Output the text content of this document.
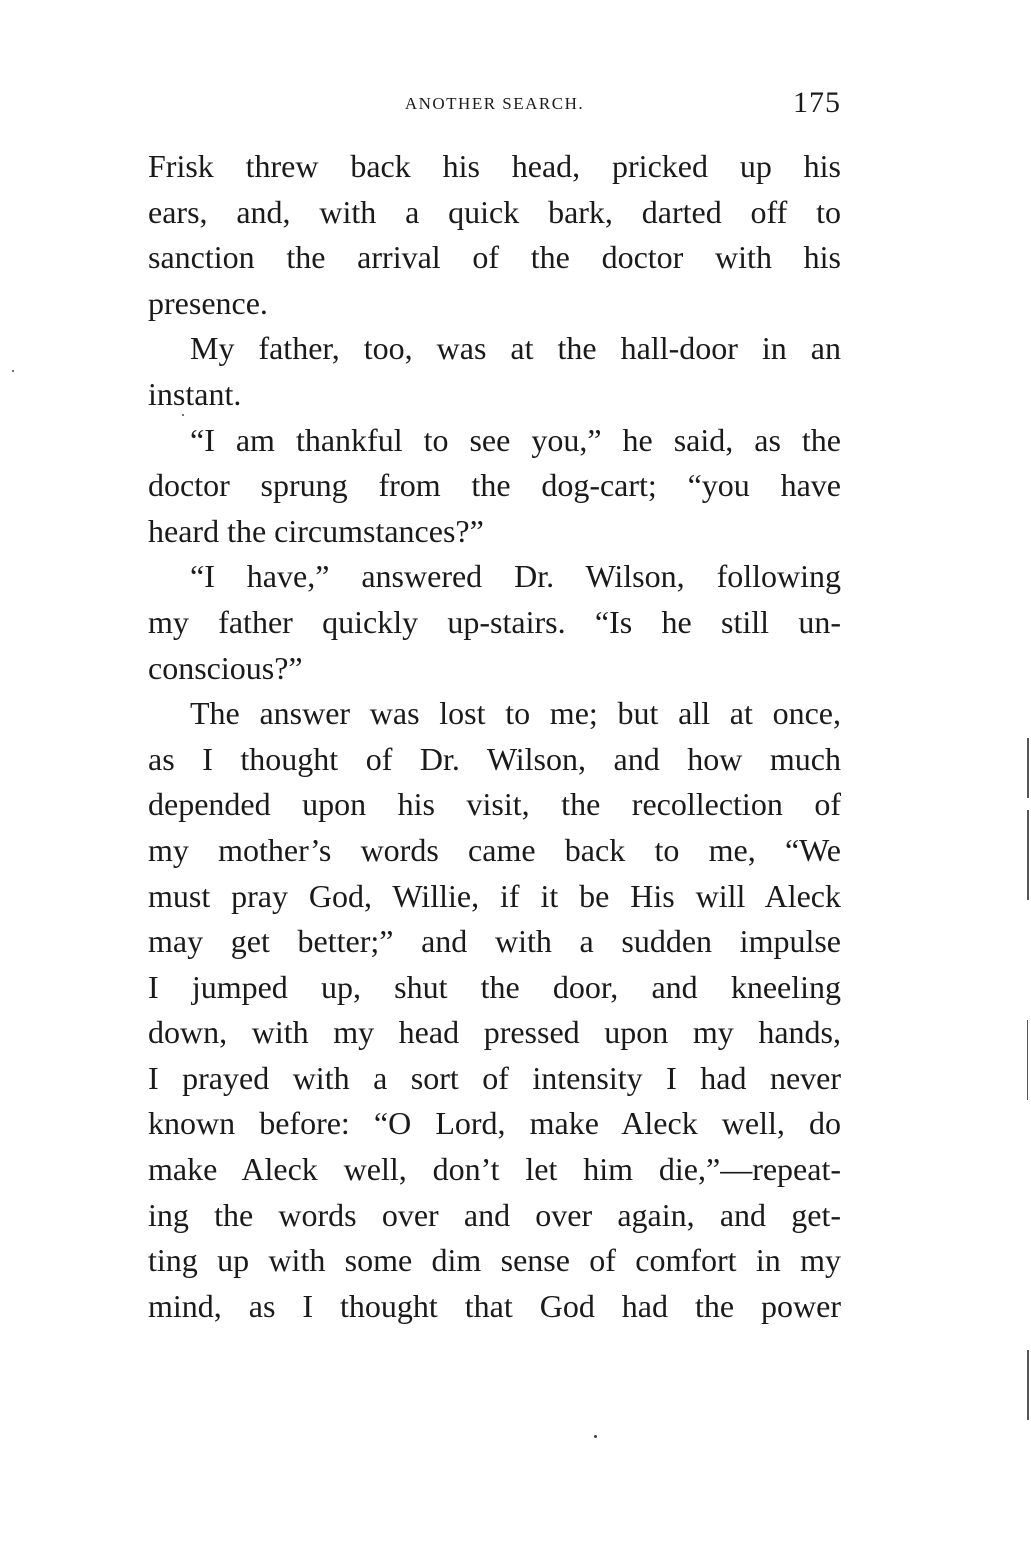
ANOTHER SEARCH.	175
Frisk threw back his head, pricked up his
ears, and, with a quick bark, darted off to
sanction the arrival of the doctor with his
presence.
My father, too, was at the hall-door in an
instant.
“I am thankful to see you,” he said, as the
doctor sprung from the dog-cart; “you have
heard the circumstances?”
“I have,” answered Dr. Wilson, following
my father quickly up-stairs. “Is he still un-
conscious?”
The answer was lost to me; but all at once,
as I thought of Dr. Wilson, and how much
depended upon his visit, the recollection of
my mother’s words came back to me, “We
must pray God, Willie, if it be His will Aleck
may get better;” and with a sudden impulse
I jumped up, shut the door, and kneeling
down, with my head pressed upon my hands,
I prayed with a sort of intensity I had never
known before: “O Lord, make Aleck well, do
make Aleck well, don’t let him die,”—repeat-
ing the words over and over again, and get-
ting up with some dim sense of comfort in my
mind, as I thought that God had the power
